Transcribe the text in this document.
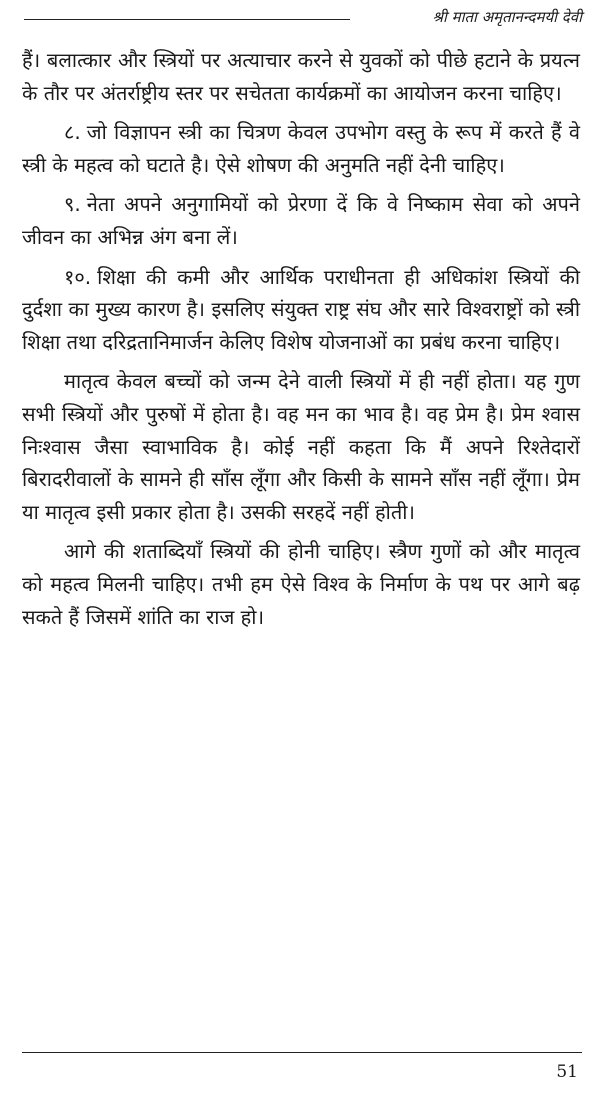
श्री माता अमृतानन्दमयी देवी

हैं। बलात्कार और स्त्रियों पर अत्याचार करने से युवकों को पीछे हटाने के प्रयत्न के तौर पर अंतर्राष्ट्रीय स्तर पर सचेतता कार्यक्रमों का आयोजन करना चाहिए।

८. जो विज्ञापन स्त्री का चित्रण केवल उपभोग वस्तु के रूप में करते हैं वे स्त्री के महत्व को घटाते है। ऐसे शोषण की अनुमति नहीं देनी चाहिए।

९. नेता अपने अनुगामियों को प्रेरणा दें कि वे निष्काम सेवा को अपने जीवन का अभिन्न अंग बना लें।

१०. शिक्षा की कमी और आर्थिक पराधीनता ही अधिकांश स्त्रियों की दुर्दशा का मुख्य कारण है। इसलिए संयुक्त राष्ट्र संघ और सारे विश्वराष्ट्रों को स्त्री शिक्षा तथा दरिद्रतानिमार्जन केलिए विशेष योजनाओं का प्रबंध करना चाहिए।

मातृत्व केवल बच्चों को जन्म देने वाली स्त्रियों में ही नहीं होता। यह गुण सभी स्त्रियों और पुरुषों में होता है। वह मन का भाव है। वह प्रेम है। प्रेम श्वास निःश्वास जैसा स्वाभाविक है। कोई नहीं कहता कि मैं अपने रिश्तेदारों बिरादरीवालों के सामने ही साँस लूँगा और किसी के सामने साँस नहीं लूँगा। प्रेम या मातृत्व इसी प्रकार होता है। उसकी सरहदें नहीं होती।

आगे की शताब्दियाँ स्त्रियों की होनी चाहिए। स्त्रैण गुणों को और मातृत्व को महत्व मिलनी चाहिए। तभी हम ऐसे विश्व के निर्माण के पथ पर आगे बढ़ सकते हैं जिसमें शांति का राज हो।

51
